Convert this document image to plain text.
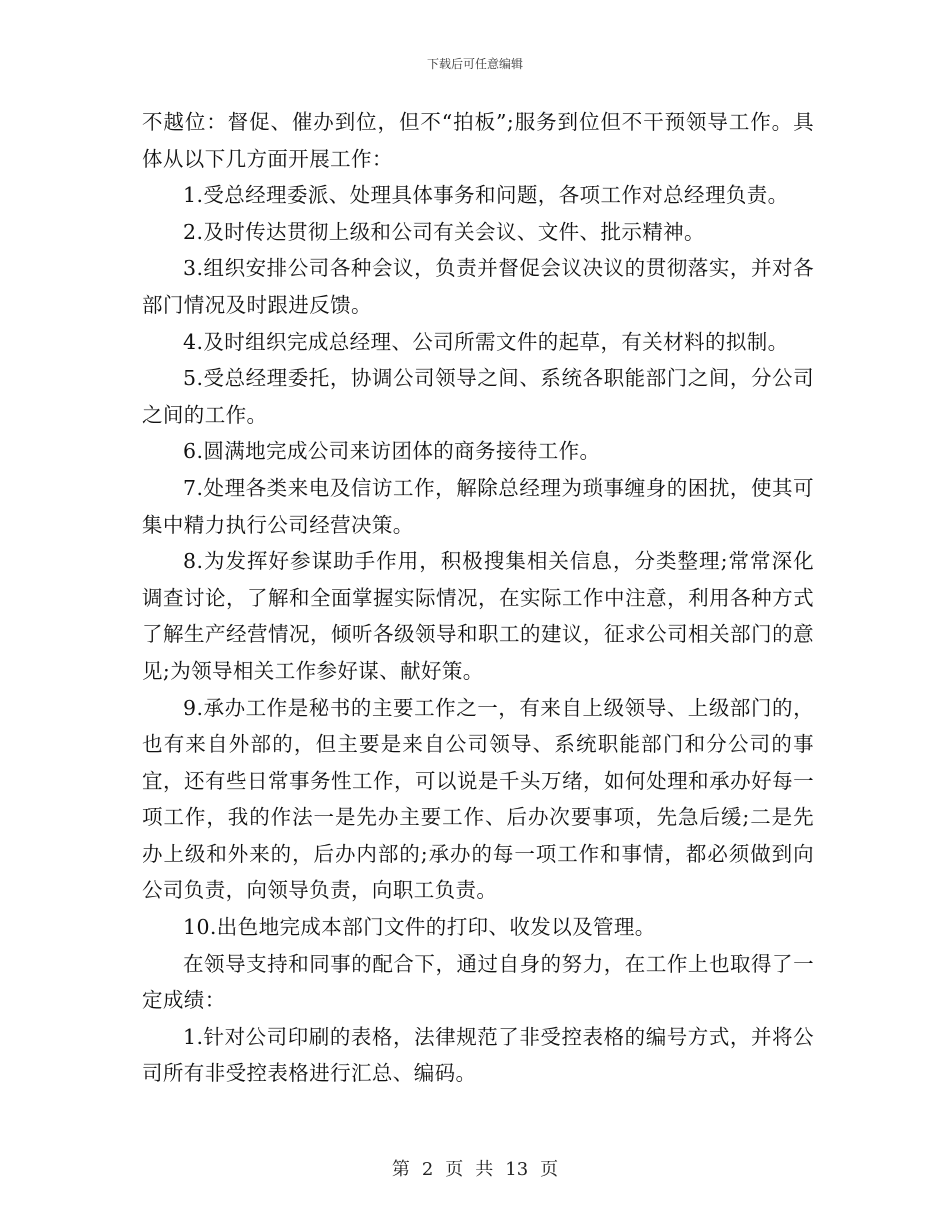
下载后可任意编辑

不越位：督促、催办到位，但不“拍板”;服务到位但不干预领导工作。具体从以下几方面开展工作：

1.受总经理委派、处理具体事务和问题，各项工作对总经理负责。

2.及时传达贯彻上级和公司有关会议、文件、批示精神。

3.组织安排公司各种会议，负责并督促会议决议的贯彻落实，并对各部门情况及时跟进反馈。

4.及时组织完成总经理、公司所需文件的起草，有关材料的拟制。

5.受总经理委托，协调公司领导之间、系统各职能部门之间，分公司之间的工作。

6.圆满地完成公司来访团体的商务接待工作。

7.处理各类来电及信访工作，解除总经理为琐事缠身的困扰，使其可集中精力执行公司经营决策。

8.为发挥好参谋助手作用，积极搜集相关信息，分类整理;常常深化调查讨论，了解和全面掌握实际情况，在实际工作中注意，利用各种方式了解生产经营情况，倾听各级领导和职工的建议，征求公司相关部门的意见;为领导相关工作参好谋、献好策。

9.承办工作是秘书的主要工作之一，有来自上级领导、上级部门的，也有来自外部的，但主要是来自公司领导、系统职能部门和分公司的事宜，还有些日常事务性工作，可以说是千头万绪，如何处理和承办好每一项工作，我的作法一是先办主要工作、后办次要事项，先急后缓;二是先办上级和外来的，后办内部的;承办的每一项工作和事情，都必须做到向公司负责，向领导负责，向职工负责。

10.出色地完成本部门文件的打印、收发以及管理。

在领导支持和同事的配合下，通过自身的努力，在工作上也取得了一定成绩：

1.针对公司印刷的表格，法律规范了非受控表格的编号方式，并将公司所有非受控表格进行汇总、编码。

第 2 页 共 13 页
